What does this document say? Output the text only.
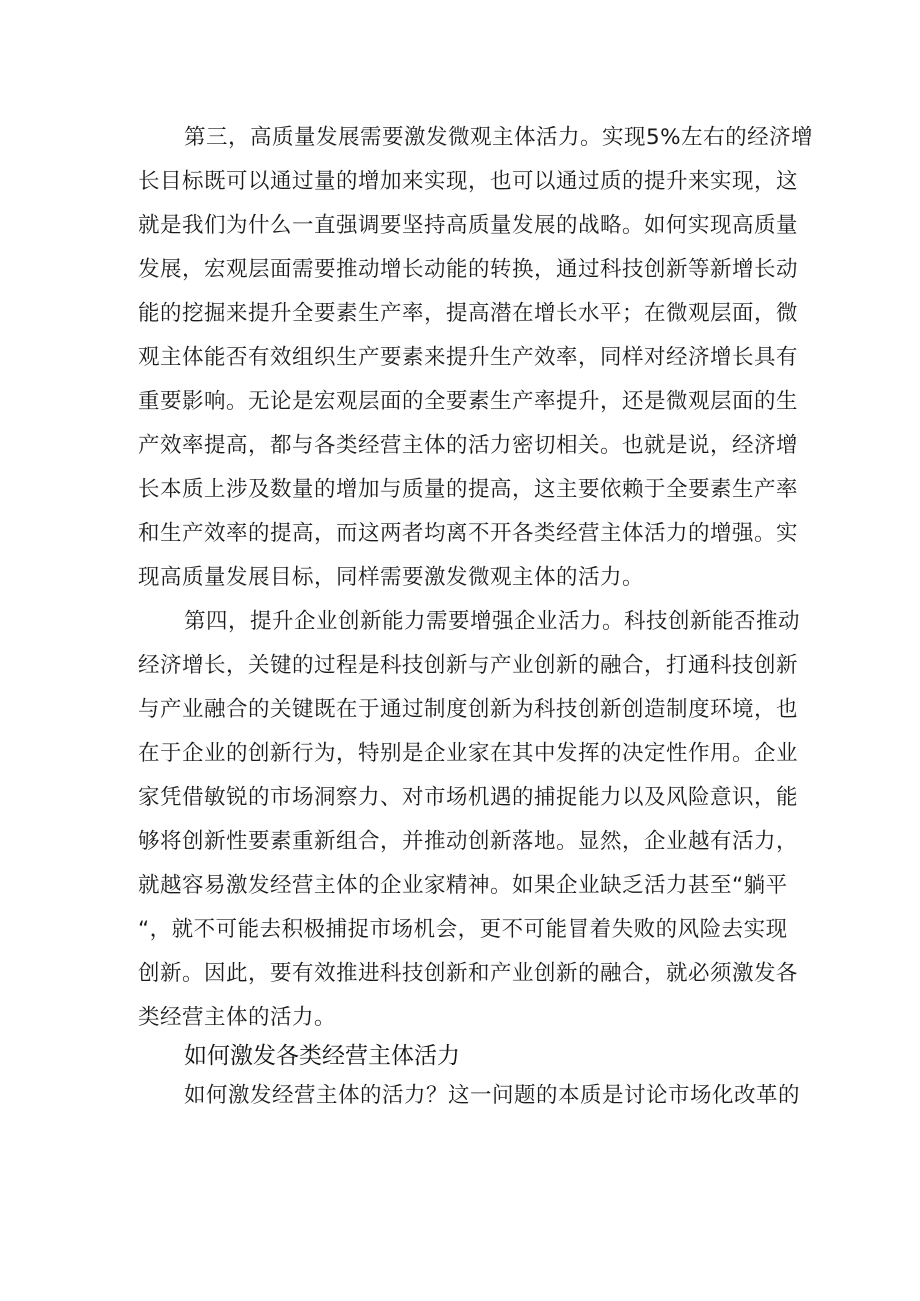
第三，高质量发展需要激发微观主体活力。实现5%左右的经济增
长目标既可以通过量的增加来实现，也可以通过质的提升来实现，这
就是我们为什么一直强调要坚持高质量发展的战略。如何实现高质量
发展，宏观层面需要推动增长动能的转换，通过科技创新等新增长动
能的挖掘来提升全要素生产率，提高潜在增长水平；在微观层面，微
观主体能否有效组织生产要素来提升生产效率，同样对经济增长具有
重要影响。无论是宏观层面的全要素生产率提升，还是微观层面的生
产效率提高，都与各类经营主体的活力密切相关。也就是说，经济增
长本质上涉及数量的增加与质量的提高，这主要依赖于全要素生产率
和生产效率的提高，而这两者均离不开各类经营主体活力的增强。实
现高质量发展目标，同样需要激发微观主体的活力。
第四，提升企业创新能力需要增强企业活力。科技创新能否推动
经济增长，关键的过程是科技创新与产业创新的融合，打通科技创新
与产业融合的关键既在于通过制度创新为科技创新创造制度环境，也
在于企业的创新行为，特别是企业家在其中发挥的决定性作用。企业
家凭借敏锐的市场洞察力、对市场机遇的捕捉能力以及风险意识，能
够将创新性要素重新组合，并推动创新落地。显然，企业越有活力，
就越容易激发经营主体的企业家精神。如果企业缺乏活力甚至“躺平
“，就不可能去积极捕捉市场机会，更不可能冒着失败的风险去实现
创新。因此，要有效推进科技创新和产业创新的融合，就必须激发各
类经营主体的活力。
如何激发各类经营主体活力
如何激发经营主体的活力？这一问题的本质是讨论市场化改革的
